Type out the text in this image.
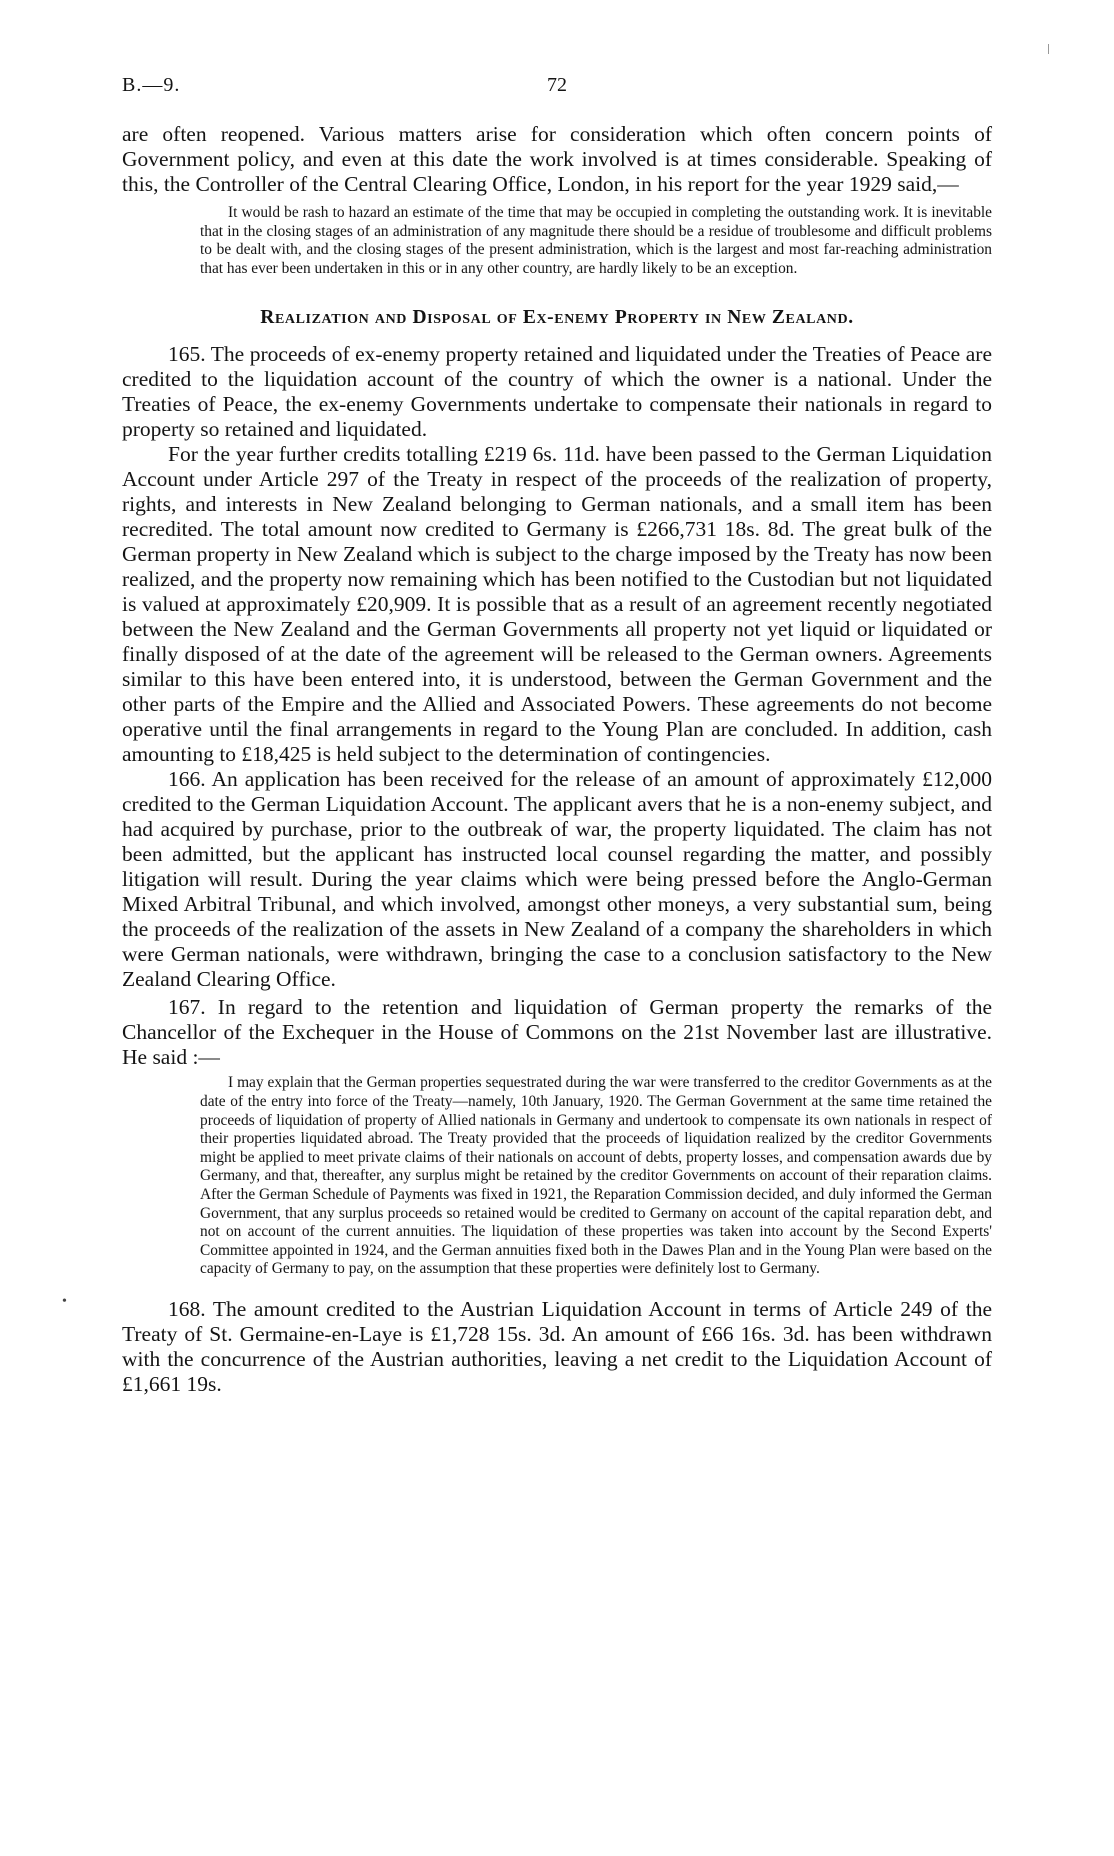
•
B.—9.	72

are often reopened. Various matters arise for consideration which often concern points of Government policy, and even at this date the work involved is at times considerable. Speaking of this, the Controller of the Central Clearing Office, London, in his report for the year 1929 said,—

It would be rash to hazard an estimate of the time that may be occupied in completing the outstanding work. It is inevitable that in the closing stages of an administration of any magnitude there should be a residue of troublesome and difficult problems to be dealt with, and the closing stages of the present administration, which is the largest and most far-reaching administration that has ever been undertaken in this or in any other country, are hardly likely to be an exception.

Realization and Disposal of Ex-enemy Property in New Zealand.

165. The proceeds of ex-enemy property retained and liquidated under the Treaties of Peace are credited to the liquidation account of the country of which the owner is a national. Under the Treaties of Peace, the ex-enemy Governments undertake to compensate their nationals in regard to property so retained and liquidated.

For the year further credits totalling £219 6s. 11d. have been passed to the German Liquidation Account under Article 297 of the Treaty in respect of the proceeds of the realization of property, rights, and interests in New Zealand belonging to German nationals, and a small item has been recredited. The total amount now credited to Germany is £266,731 18s. 8d. The great bulk of the German property in New Zealand which is subject to the charge imposed by the Treaty has now been realized, and the property now remaining which has been notified to the Custodian but not liquidated is valued at approximately £20,909. It is possible that as a result of an agreement recently negotiated between the New Zealand and the German Governments all property not yet liquid or liquidated or finally disposed of at the date of the agreement will be released to the German owners. Agreements similar to this have been entered into, it is understood, between the German Government and the other parts of the Empire and the Allied and Associated Powers. These agreements do not become operative until the final arrangements in regard to the Young Plan are concluded. In addition, cash amounting to £18,425 is held subject to the determination of contingencies.

166. An application has been received for the release of an amount of approximately £12,000 credited to the German Liquidation Account. The applicant avers that he is a non-enemy subject, and had acquired by purchase, prior to the outbreak of war, the property liquidated. The claim has not been admitted, but the applicant has instructed local counsel regarding the matter, and possibly litigation will result. During the year claims which were being pressed before the Anglo-German Mixed Arbitral Tribunal, and which involved, amongst other moneys, a very substantial sum, being the proceeds of the realization of the assets in New Zealand of a company the shareholders in which were German nationals, were withdrawn, bringing the case to a conclusion satisfactory to the New Zealand Clearing Office.

167. In regard to the retention and liquidation of German property the remarks of the Chancellor of the Exchequer in the House of Commons on the 21st November last are illustrative. He said :—

I may explain that the German properties sequestrated during the war were transferred to the creditor Governments as at the date of the entry into force of the Treaty—namely, 10th January, 1920. The German Government at the same time retained the proceeds of liquidation of property of Allied nationals in Germany and undertook to compensate its own nationals in respect of their properties liquidated abroad. The Treaty provided that the proceeds of liquidation realized by the creditor Governments might be applied to meet private claims of their nationals on account of debts, property losses, and compensation awards due by Germany, and that, thereafter, any surplus might be retained by the creditor Governments on account of their reparation claims. After the German Schedule of Payments was fixed in 1921, the Reparation Commission decided, and duly informed the German Government, that any surplus proceeds so retained would be credited to Germany on account of the capital reparation debt, and not on account of the current annuities. The liquidation of these properties was taken into account by the Second Experts' Committee appointed in 1924, and the German annuities fixed both in the Dawes Plan and in the Young Plan were based on the capacity of Germany to pay, on the assumption that these properties were definitely lost to Germany.

168. The amount credited to the Austrian Liquidation Account in terms of Article 249 of the Treaty of St. Germaine-en-Laye is £1,728 15s. 3d. An amount of £66 16s. 3d. has been withdrawn with the concurrence of the Austrian authorities, leaving a net credit to the Liquidation Account of £1,661 19s.
